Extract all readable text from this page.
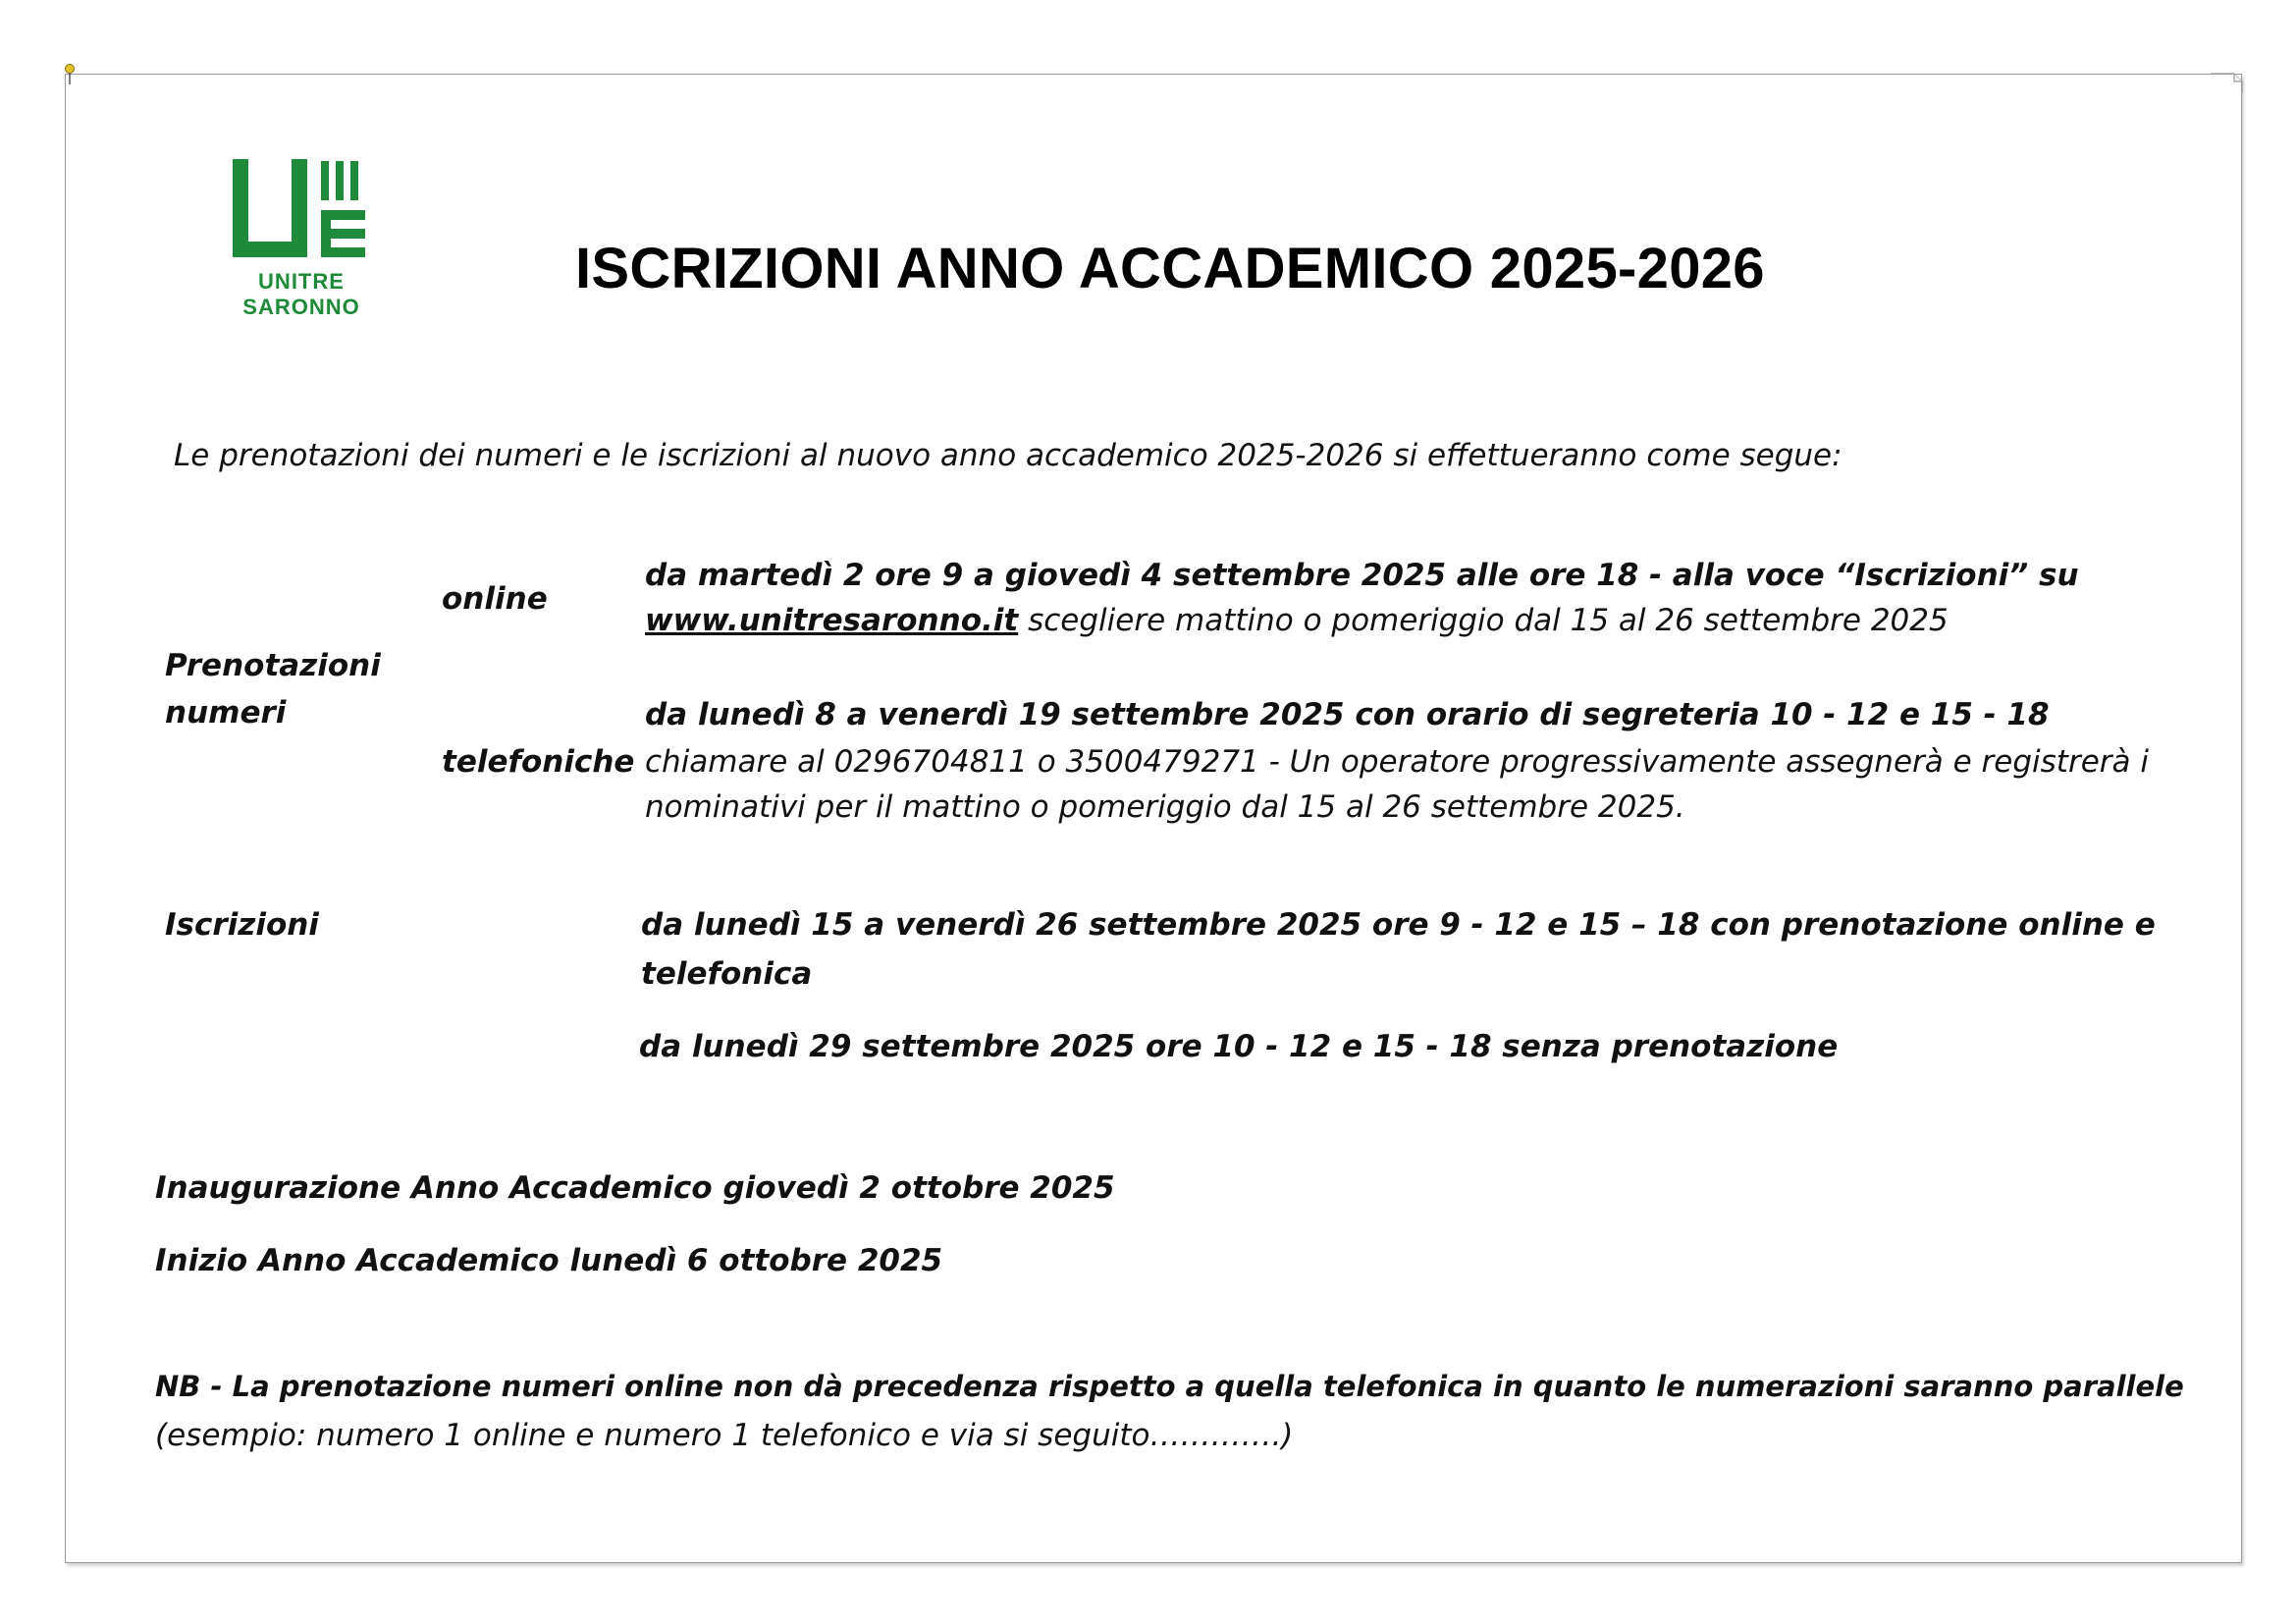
UNITRE
SARONNO
ISCRIZIONI ANNO ACCADEMICO 2025-2026

Le prenotazioni dei numeri e le iscrizioni al nuovo anno accademico 2025-2026 si effettueranno come segue:

Prenotazioni

numeri

online

da martedì 2 ore 9 a giovedì 4 settembre 2025 alle ore 18 - alla voce “Iscrizioni” su

www.unitresaronno.it scegliere mattino o pomeriggio dal 15 al 26 settembre 2025

telefoniche

da lunedì 8 a venerdì 19 settembre 2025 con orario di segreteria 10 - 12 e 15 - 18

chiamare al 0296704811 o 3500479271 - Un operatore progressivamente assegnerà e registrerà i

nominativi per il mattino o pomeriggio dal 15 al 26 settembre 2025.

Iscrizioni	da lunedì 15 a venerdì 26 settembre 2025 ore 9 - 12 e 15 – 18 con prenotazione online e

telefonica

da lunedì 29 settembre 2025 ore 10 - 12 e 15 - 18 senza prenotazione

Inaugurazione Anno Accademico giovedì 2 ottobre 2025

Inizio Anno Accademico lunedì 6 ottobre 2025

NB - La prenotazione numeri online non dà precedenza rispetto a quella telefonica in quanto le numerazioni saranno parallele

(esempio: numero 1 online e numero 1 telefonico e via si seguito………….)
